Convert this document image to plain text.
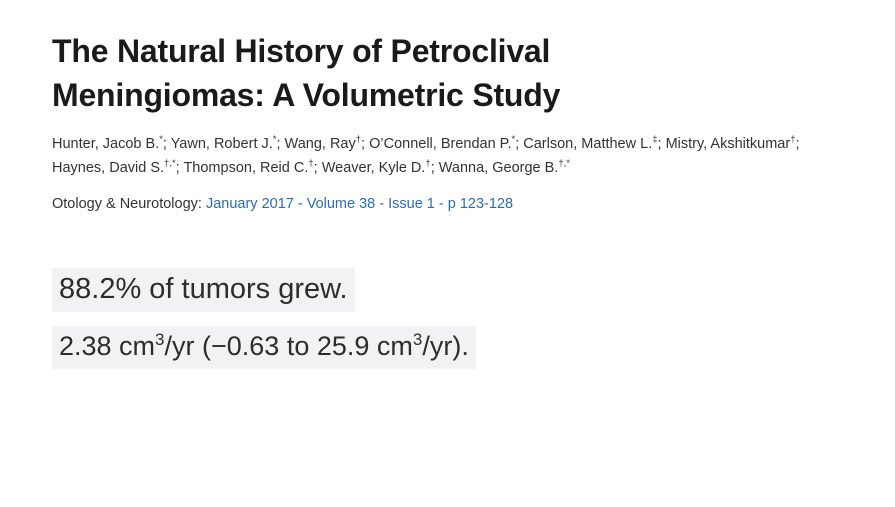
The Natural History of Petroclival Meningiomas: A Volumetric Study

Hunter, Jacob B.*; Yawn, Robert J.*; Wang, Ray†; O’Connell, Brendan P.*; Carlson, Matthew L.‡; Mistry, Akshitkumar†; Haynes, David S.†,*; Thompson, Reid C.†; Weaver, Kyle D.†; Wanna, George B.†,*

Otology & Neurotology: January 2017 - Volume 38 - Issue 1 - p 123-128

88.2% of tumors grew.
2.38 $cm^3/yr$ (−0.63 to 25.9 $cm^3/yr$).
